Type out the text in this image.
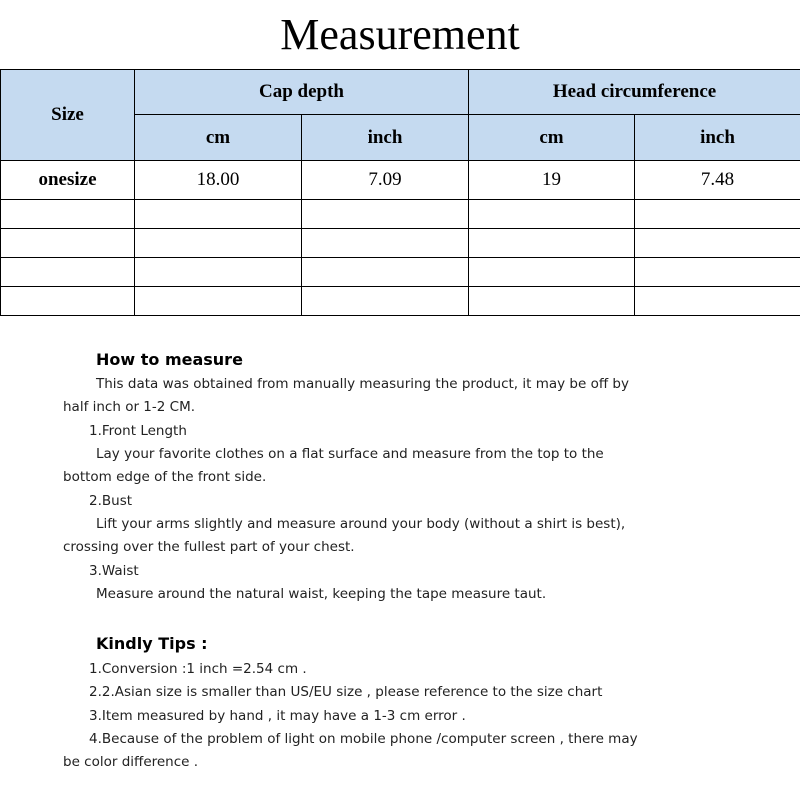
Measurement
Size	Cap depth		Head circumference	
	cm	inch	cm	inch
onesize	18.00	7.09	19	7.48

How to measure
This data was obtained from manually measuring the product, it may be off by
half inch or 1-2 CM.
1.Front Length
Lay your favorite clothes on a flat surface and measure from the top to the
bottom edge of the front side.
2.Bust
Lift your arms slightly and measure around your body (without a shirt is best),
crossing over the fullest part of your chest.
3.Waist
Measure around the natural waist, keeping the tape measure taut.
Kindly Tips :
1.Conversion :1 inch =2.54 cm .
2.2.Asian size is smaller than US/EU size , please reference to the size chart
3.Item measured by hand , it may have a 1-3 cm error .
4.Because of the problem of light on mobile phone /computer screen , there may
be color difference .
